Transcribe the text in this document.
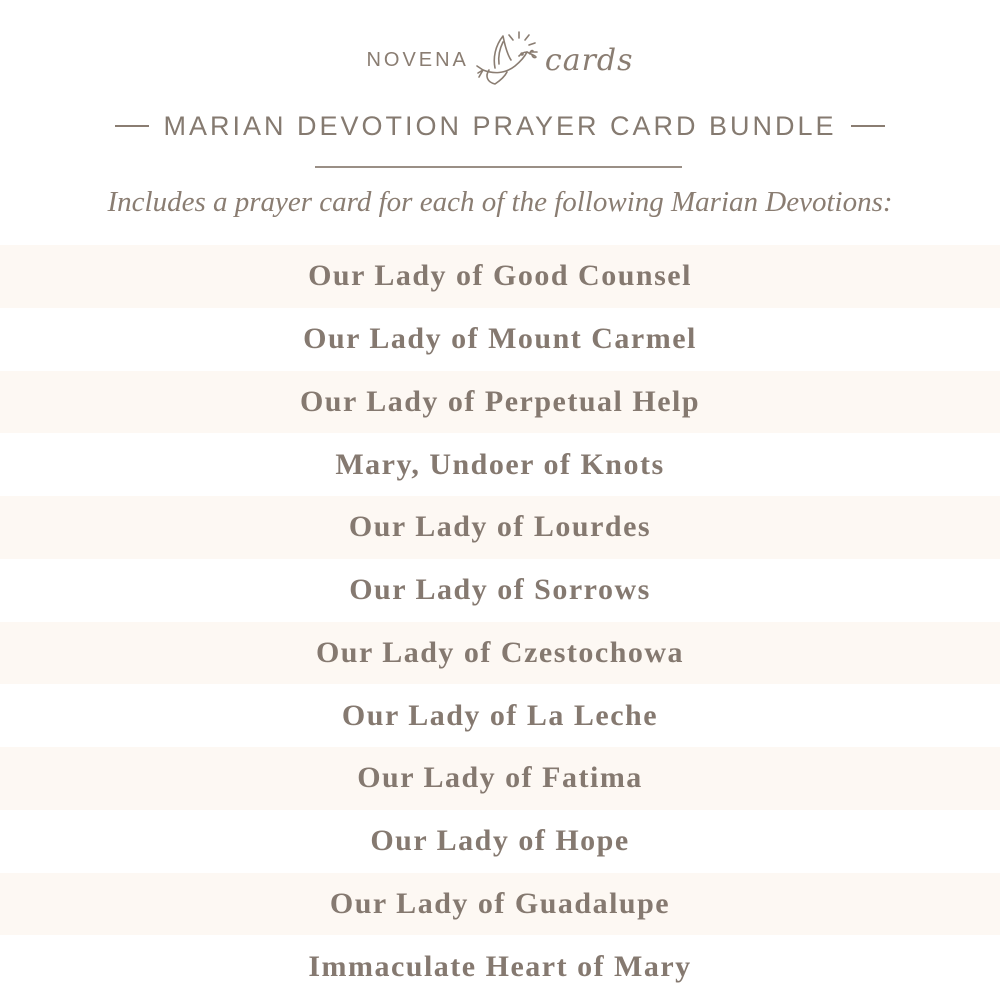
NOVENA	cards
MARIAN DEVOTION PRAYER CARD BUNDLE
Includes a prayer card for each of the following Marian Devotions:
Our Lady of Good Counsel
Our Lady of Mount Carmel
Our Lady of Perpetual Help
Mary, Undoer of Knots
Our Lady of Lourdes
Our Lady of Sorrows
Our Lady of Czestochowa
Our Lady of La Leche
Our Lady of Fatima
Our Lady of Hope
Our Lady of Guadalupe
Immaculate Heart of Mary
